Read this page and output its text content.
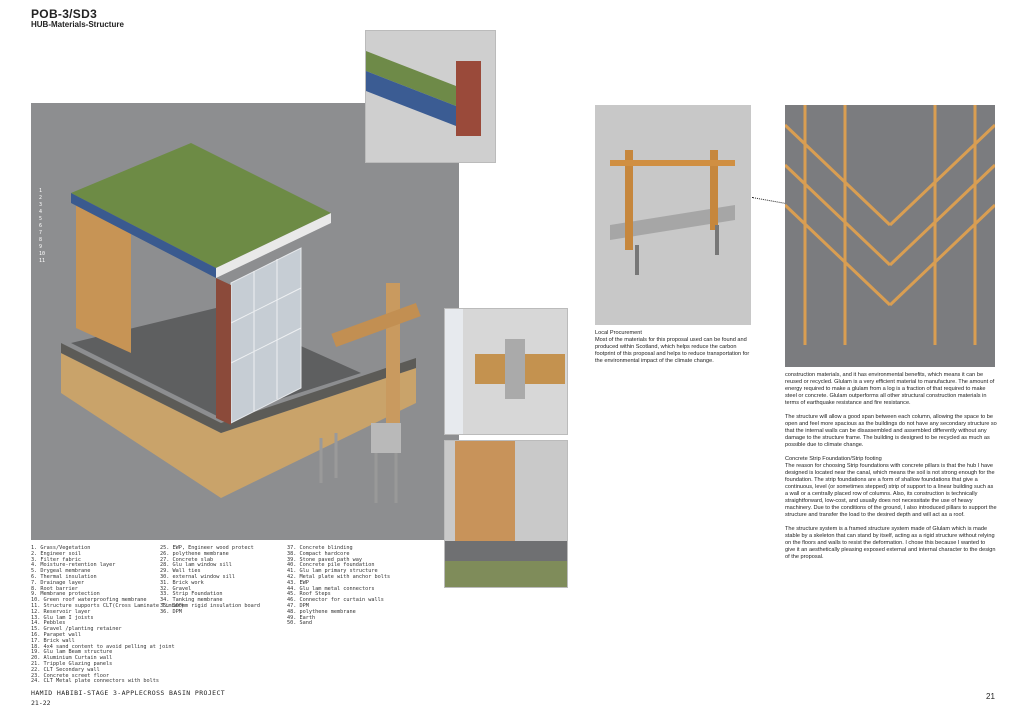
POB-3/SD3
HUB-Materials-Structure
1
2
3
4
5
6
7
8
9
10
11
1. Grass/Vegetation
2. Engineer soil
3. Filter fabric
4. Moisture-retention layer
5. Drygeal membrane
6. Thermal insulation
7. Drainage layer
8. Root barrier
9. Membrane protection
10. Green roof waterproofing membrane
11. Structure supports CLT(Cross Laminate Timber)
12. Reservoir layer
13. Glu lam I joists
14. Pebbles
15. Gravel /planting retainer
16. Parapet wall
17. Brick wall
18. 4x4 sand content to avoid pelling at joint
19. Glu lam Beam structure
20. Aluminium Curtain wall
21. Tripple Glazing panels
22. CLT Secondary wall
23. Concrete screet floor
24. CLT Metal plate connectors with bolts
25. EWP, Engineer wood protect
26. polythene membrane
27. Concrete slab
28. Glu lam window sill
29. Wall ties
30. external window sill
31. Brick work
32. Gravel
33. Strip Foundation
34. Tanking membrane
35. 100mm rigid insulation board
36. DPM
37. Concrete blinding
38. Compact hardcore
39. Stone paved path way
40. Concrete pile foundation
41. Glu lam primary structure
42. Metal plate with anchor bolts
43. EWP
44. Glu lam metal connectors
45. Roof Steps
46. Connector for curtain walls
47. DPM
48. polythene membrane
49. Earth
50. Sand

Local Procurement

Most of the materials for this proposal used can be found and produced within Scotland, which helps reduce the carbon footprint of this proposal and helps to reduce transportation for the environmental impact of the climate change.

construction materials, and it has environmental benefits, which means it can be reused or recycled. Glulam is a very efficient material to manufacture. The amount of energy required to make a glulam from a log is a fraction of that required to make steel or concrete. Glulam outperforms all other structural construction materials in terms of earthquake resistance and fire resistance.

The structure will allow a good span between each column, allowing the space to be open and feel more spacious as the buildings do not have any secondary structure so that the internal walls can be disassembled and assembled differently without any damage to the structure frame. The building is designed to be recycled as much as possible due to climate change.

Concrete Strip Foundation/Strip footing

The reason for choosing Strip foundations with concrete pillars is that the hub I have designed is located near the canal, which means the soil is not strong enough for the foundation. The strip foundations are a form of shallow foundations that give a continuous, level (or sometimes stepped) strip of support to a linear building such as a wall or a centrally placed row of columns. Also, its construction is technically straightforward, low-cost, and usually does not necessitate the use of heavy machinery. Due to the conditions of the ground, I also introduced pillars to support the structure and transfer the load to the desired depth and will act as a roof.

The structure system is a framed structure system made of Glulam which is made stable by a skeleton that can stand by itself, acting as a rigid structure without relying on the floors and walls to resist the deformation. I chose this because I wanted to give it an aesthetically pleasing exposed external and internal character to the design of the proposal.

HAMID HABIBI-STAGE 3-APPLECROSS BASIN PROJECT
21-22
21
